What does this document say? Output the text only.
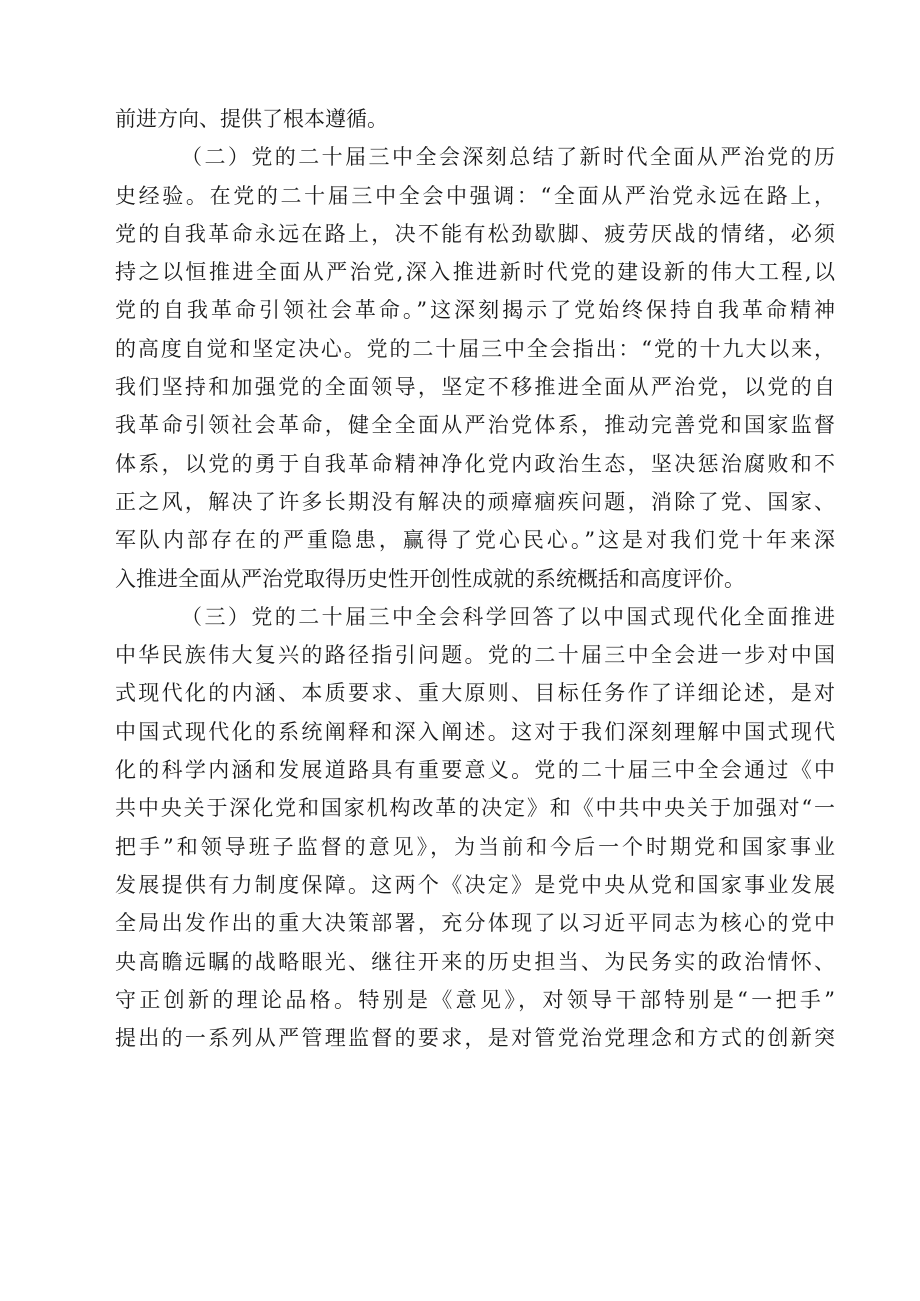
前进方向、提供了根本遵循。
（二）党的二十届三中全会深刻总结了新时代全面从严治党的历
史经验。在党的二十届三中全会中强调：“全面从严治党永远在路上，
党的自我革命永远在路上，决不能有松劲歇脚、疲劳厌战的情绪，必须
持之以恒推进全面从严治党,深入推进新时代党的建设新的伟大工程,以
党的自我革命引领社会革命。”这深刻揭示了党始终保持自我革命精神
的高度自觉和坚定决心。党的二十届三中全会指出：“党的十九大以来，
我们坚持和加强党的全面领导，坚定不移推进全面从严治党，以党的自
我革命引领社会革命，健全全面从严治党体系，推动完善党和国家监督
体系，以党的勇于自我革命精神净化党内政治生态，坚决惩治腐败和不
正之风，解决了许多长期没有解决的顽瘴痼疾问题，消除了党、国家、
军队内部存在的严重隐患，赢得了党心民心。”这是对我们党十年来深
入推进全面从严治党取得历史性开创性成就的系统概括和高度评价。
（三）党的二十届三中全会科学回答了以中国式现代化全面推进
中华民族伟大复兴的路径指引问题。党的二十届三中全会进一步对中国
式现代化的内涵、本质要求、重大原则、目标任务作了详细论述，是对
中国式现代化的系统阐释和深入阐述。这对于我们深刻理解中国式现代
化的科学内涵和发展道路具有重要意义。党的二十届三中全会通过《中
共中央关于深化党和国家机构改革的决定》和《中共中央关于加强对“一
把手”和领导班子监督的意见》，为当前和今后一个时期党和国家事业
发展提供有力制度保障。这两个《决定》是党中央从党和国家事业发展
全局出发作出的重大决策部署，充分体现了以习近平同志为核心的党中
央高瞻远瞩的战略眼光、继往开来的历史担当、为民务实的政治情怀、
守正创新的理论品格。特别是《意见》，对领导干部特别是“一把手”
提出的一系列从严管理监督的要求，是对管党治党理念和方式的创新突
